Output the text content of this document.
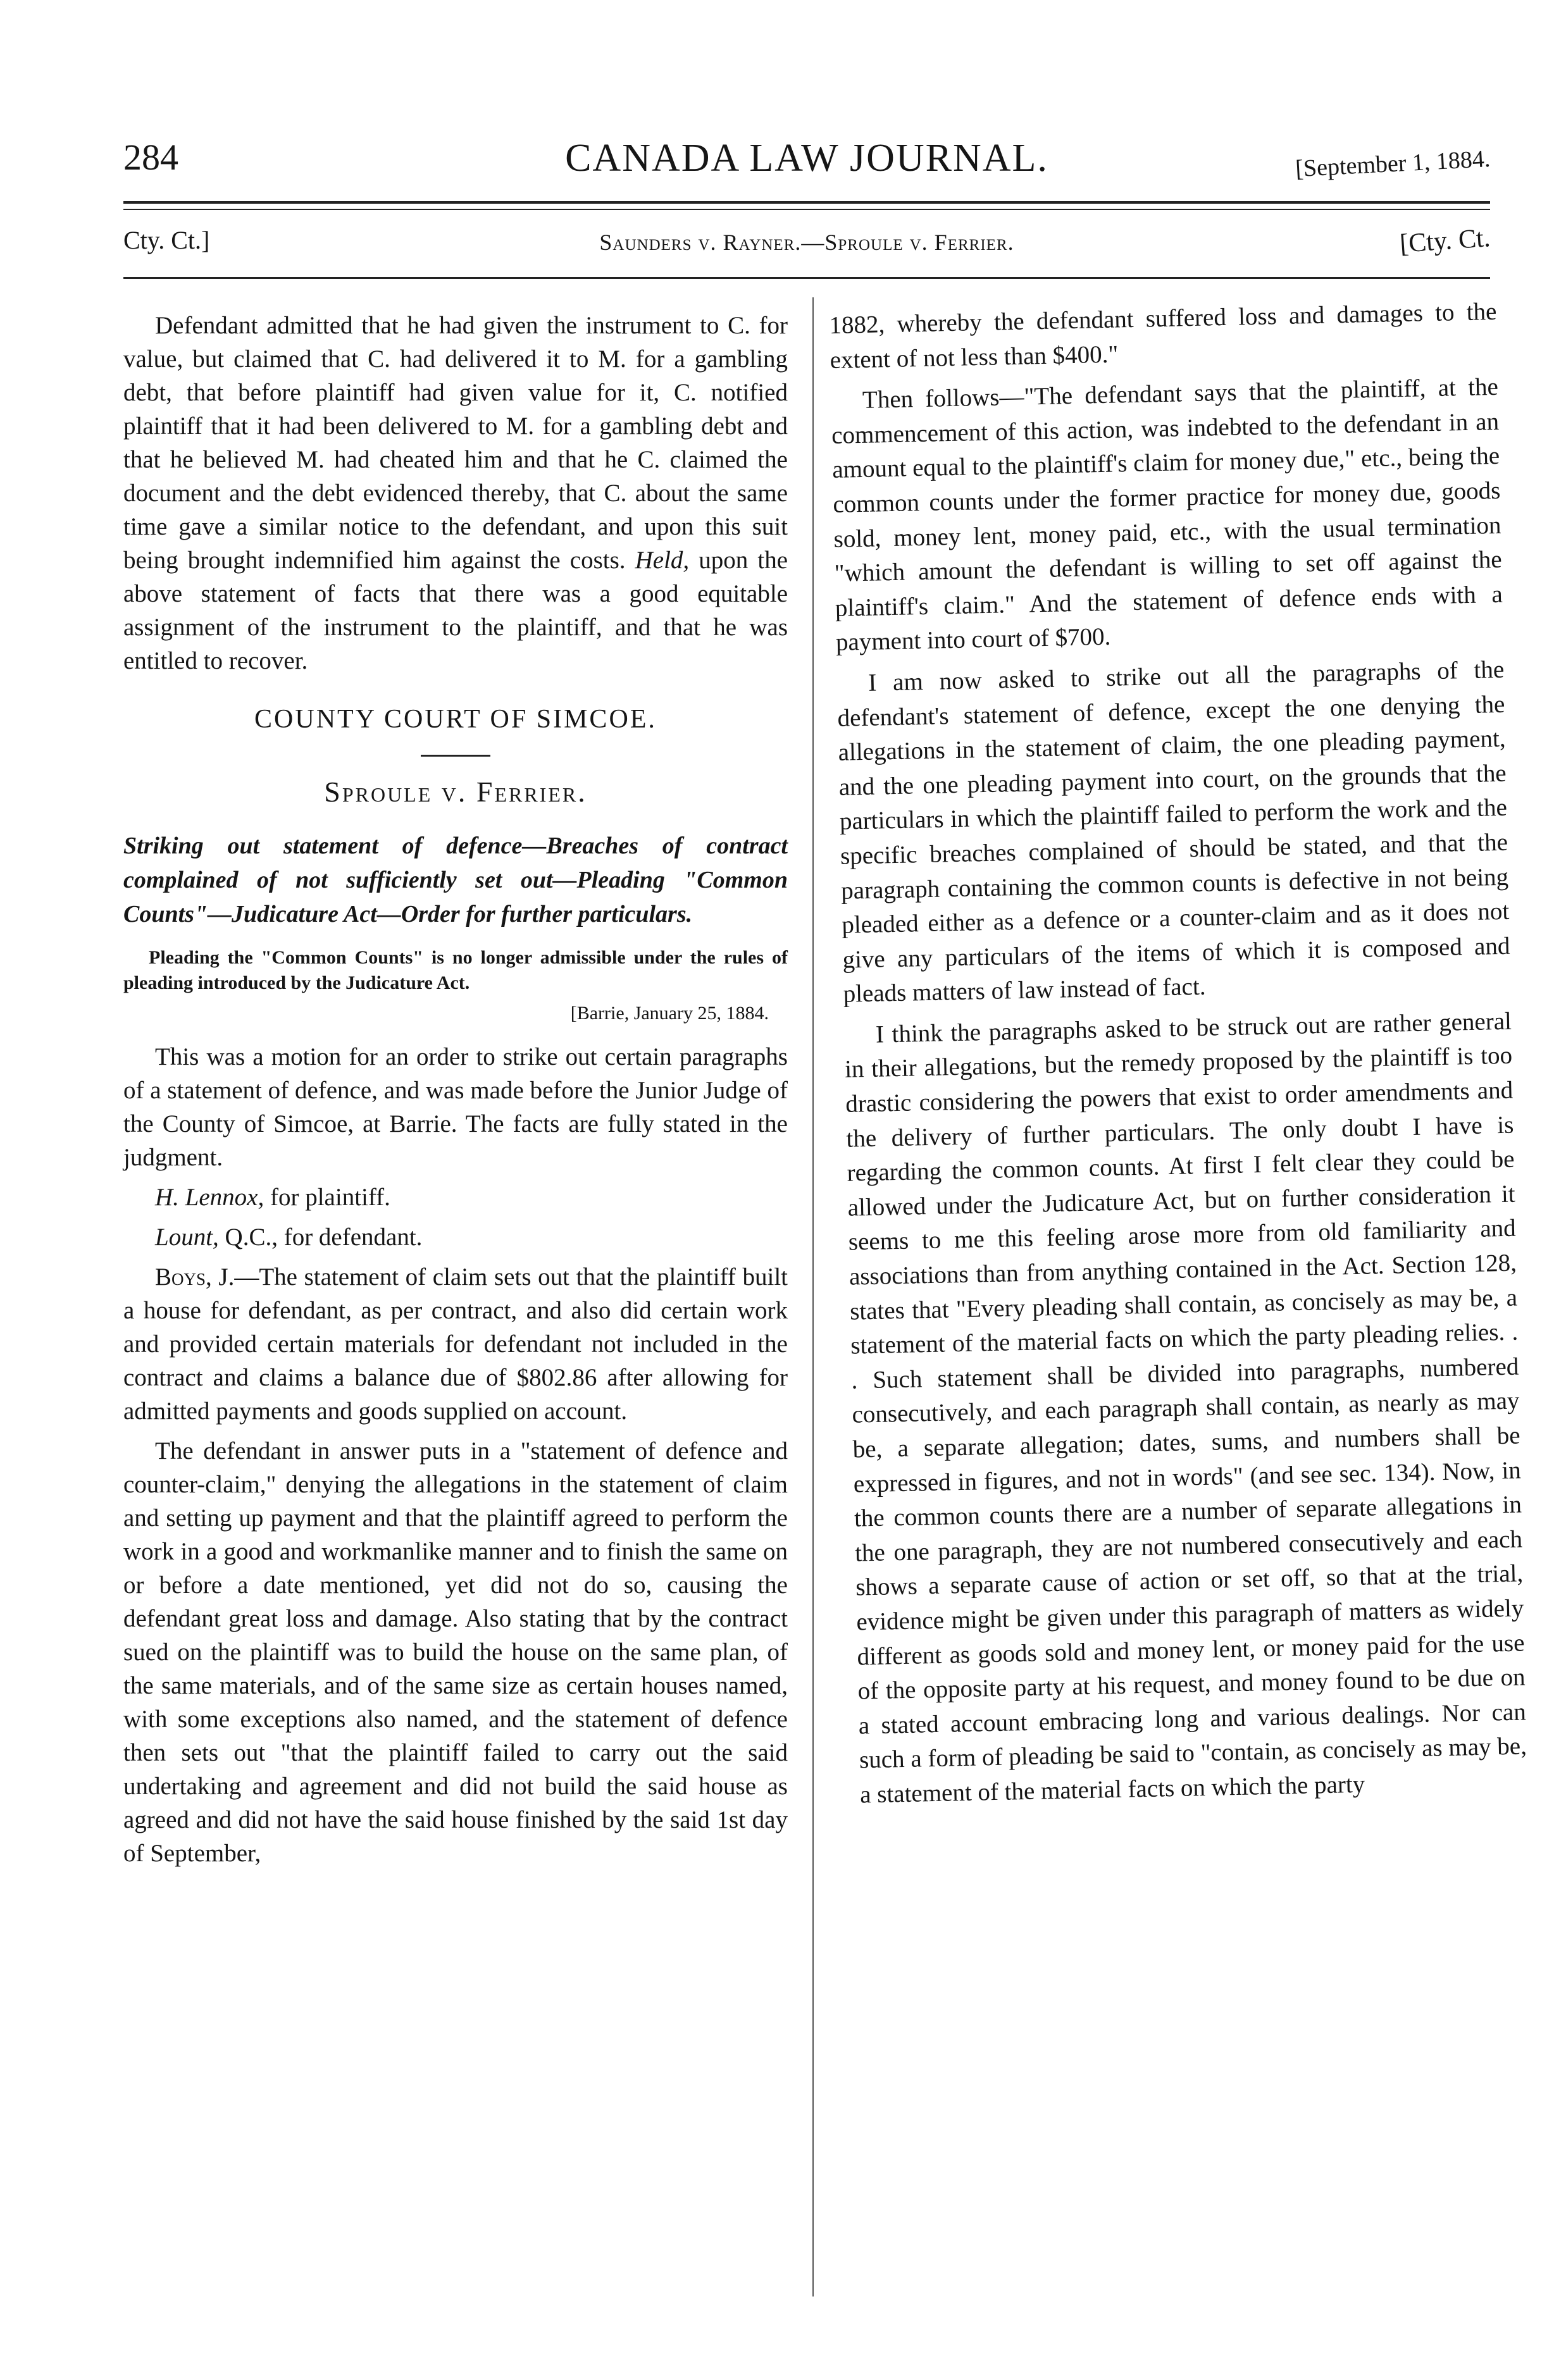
284	CANADA LAW JOURNAL.	[September 1, 1884.
Cty. Ct.]	Saunders v. Rayner.—Sproule v. Ferrier.	[Cty. Ct.

Defendant admitted that he had given the instrument to C. for value, but claimed that C. had delivered it to M. for a gambling debt, that before plaintiff had given value for it, C. notified plaintiff that it had been delivered to M. for a gambling debt and that he believed M. had cheated him and that he C. claimed the document and the debt evidenced thereby, that C. about the same time gave a similar notice to the defendant, and upon this suit being brought indemnified him against the costs. Held, upon the above statement of facts that there was a good equitable assignment of the instrument to the plaintiff, and that he was entitled to recover.

COUNTY COURT OF SIMCOE.
Sproule v. Ferrier.

Striking out statement of defence—Breaches of contract complained of not sufficiently set out—Pleading "Common Counts"—Judicature Act—Order for further particulars.

Pleading the "Common Counts" is no longer admissible under the rules of pleading introduced by the Judicature Act.

[Barrie, January 25, 1884.

This was a motion for an order to strike out certain paragraphs of a statement of defence, and was made before the Junior Judge of the County of Simcoe, at Barrie. The facts are fully stated in the judgment.

H. Lennox, for plaintiff.

Lount, Q.C., for defendant.

Boys, J.—The statement of claim sets out that the plaintiff built a house for defendant, as per contract, and also did certain work and provided certain materials for defendant not included in the contract and claims a balance due of $802.86 after allowing for admitted payments and goods supplied on account.

The defendant in answer puts in a "statement of defence and counter-claim," denying the allegations in the statement of claim and setting up payment and that the plaintiff agreed to perform the work in a good and workmanlike manner and to finish the same on or before a date mentioned, yet did not do so, causing the defendant great loss and damage. Also stating that by the contract sued on the plaintiff was to build the house on the same plan, of the same materials, and of the same size as certain houses named, with some exceptions also named, and the statement of defence then sets out "that the plaintiff failed to carry out the said undertaking and agreement and did not build the said house as agreed and did not have the said house finished by the said 1st day of September,

1882, whereby the defendant suffered loss and damages to the extent of not less than $400."

Then follows—"The defendant says that the plaintiff, at the commencement of this action, was indebted to the defendant in an amount equal to the plaintiff's claim for money due," etc., being the common counts under the former practice for money due, goods sold, money lent, money paid, etc., with the usual termination "which amount the defendant is willing to set off against the plaintiff's claim." And the statement of defence ends with a payment into court of $700.

I am now asked to strike out all the paragraphs of the defendant's statement of defence, except the one denying the allegations in the statement of claim, the one pleading payment, and the one pleading payment into court, on the grounds that the particulars in which the plaintiff failed to perform the work and the specific breaches complained of should be stated, and that the paragraph containing the common counts is defective in not being pleaded either as a defence or a counter-claim and as it does not give any particulars of the items of which it is composed and pleads matters of law instead of fact.

I think the paragraphs asked to be struck out are rather general in their allegations, but the remedy proposed by the plaintiff is too drastic considering the powers that exist to order amendments and the delivery of further particulars. The only doubt I have is regarding the common counts. At first I felt clear they could be allowed under the Judicature Act, but on further consideration it seems to me this feeling arose more from old familiarity and associations than from anything contained in the Act. Section 128, states that "Every pleading shall contain, as concisely as may be, a statement of the material facts on which the party pleading relies. . . Such statement shall be divided into paragraphs, numbered consecutively, and each paragraph shall contain, as nearly as may be, a separate allegation; dates, sums, and numbers shall be expressed in figures, and not in words" (and see sec. 134). Now, in the common counts there are a number of separate allegations in the one paragraph, they are not numbered consecutively and each shows a separate cause of action or set off, so that at the trial, evidence might be given under this paragraph of matters as widely different as goods sold and money lent, or money paid for the use of the opposite party at his request, and money found to be due on a stated account embracing long and various dealings. Nor can such a form of pleading be said to "contain, as concisely as may be, a statement of the material facts on which the party
